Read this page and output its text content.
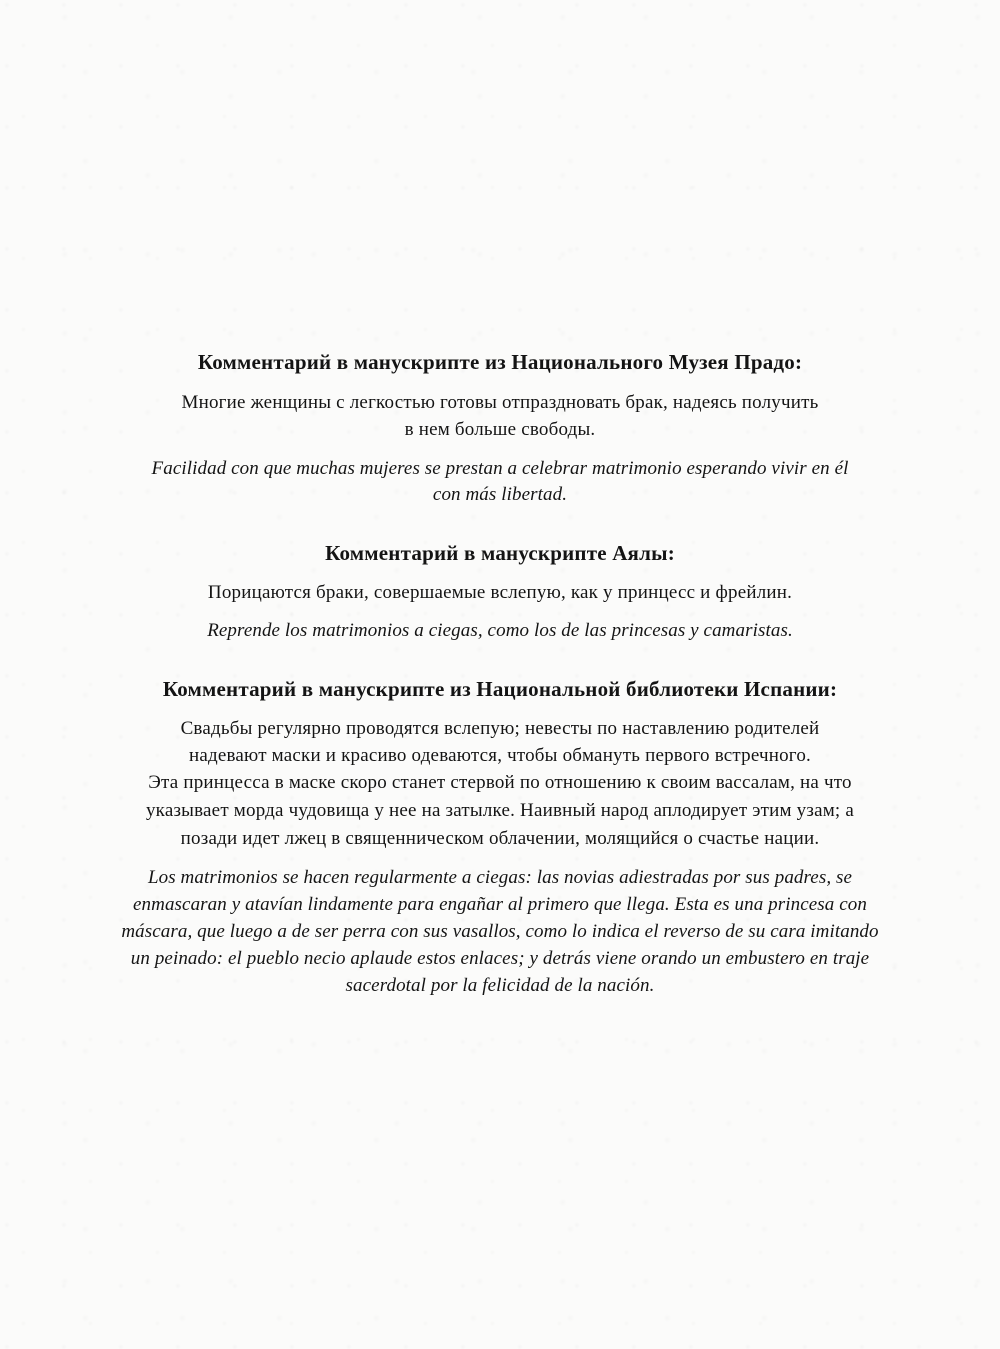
Комментарий в манускрипте из Национального Музея Прадо:
Многие женщины с легкостью готовы отпраздновать брак, надеясь получить
в нем больше свободы.
Facilidad con que muchas mujeres se prestan a celebrar matrimonio esperando vivir en él
con más libertad.
Комментарий в манускрипте Аялы:
Порицаются браки, совершаемые вслепую, как у принцесс и фрейлин.
Reprende los matrimonios a ciegas, como los de las princesas y camaristas.
Комментарий в манускрипте из Национальной библиотеки Испании:
Свадьбы регулярно проводятся вслепую; невесты по наставлению родителей
надевают маски и красиво одеваются, чтобы обмануть первого встречного.
Эта принцесса в маске скоро станет стервой по отношению к своим вассалам, на что
указывает морда чудовища у нее на затылке. Наивный народ аплодирует этим узам; а
позади идет лжец в священническом облачении, молящийся о счастье нации.
Los matrimonios se hacen regularmente a ciegas: las novias adiestradas por sus padres, se
enmascaran y atavían lindamente para engañar al primero que llega. Esta es una princesa con
máscara, que luego a de ser perra con sus vasallos, como lo indica el reverso de su cara imitando
un peinado: el pueblo necio aplaude estos enlaces; y detrás viene orando un embustero en traje
sacerdotal por la felicidad de la nación.
